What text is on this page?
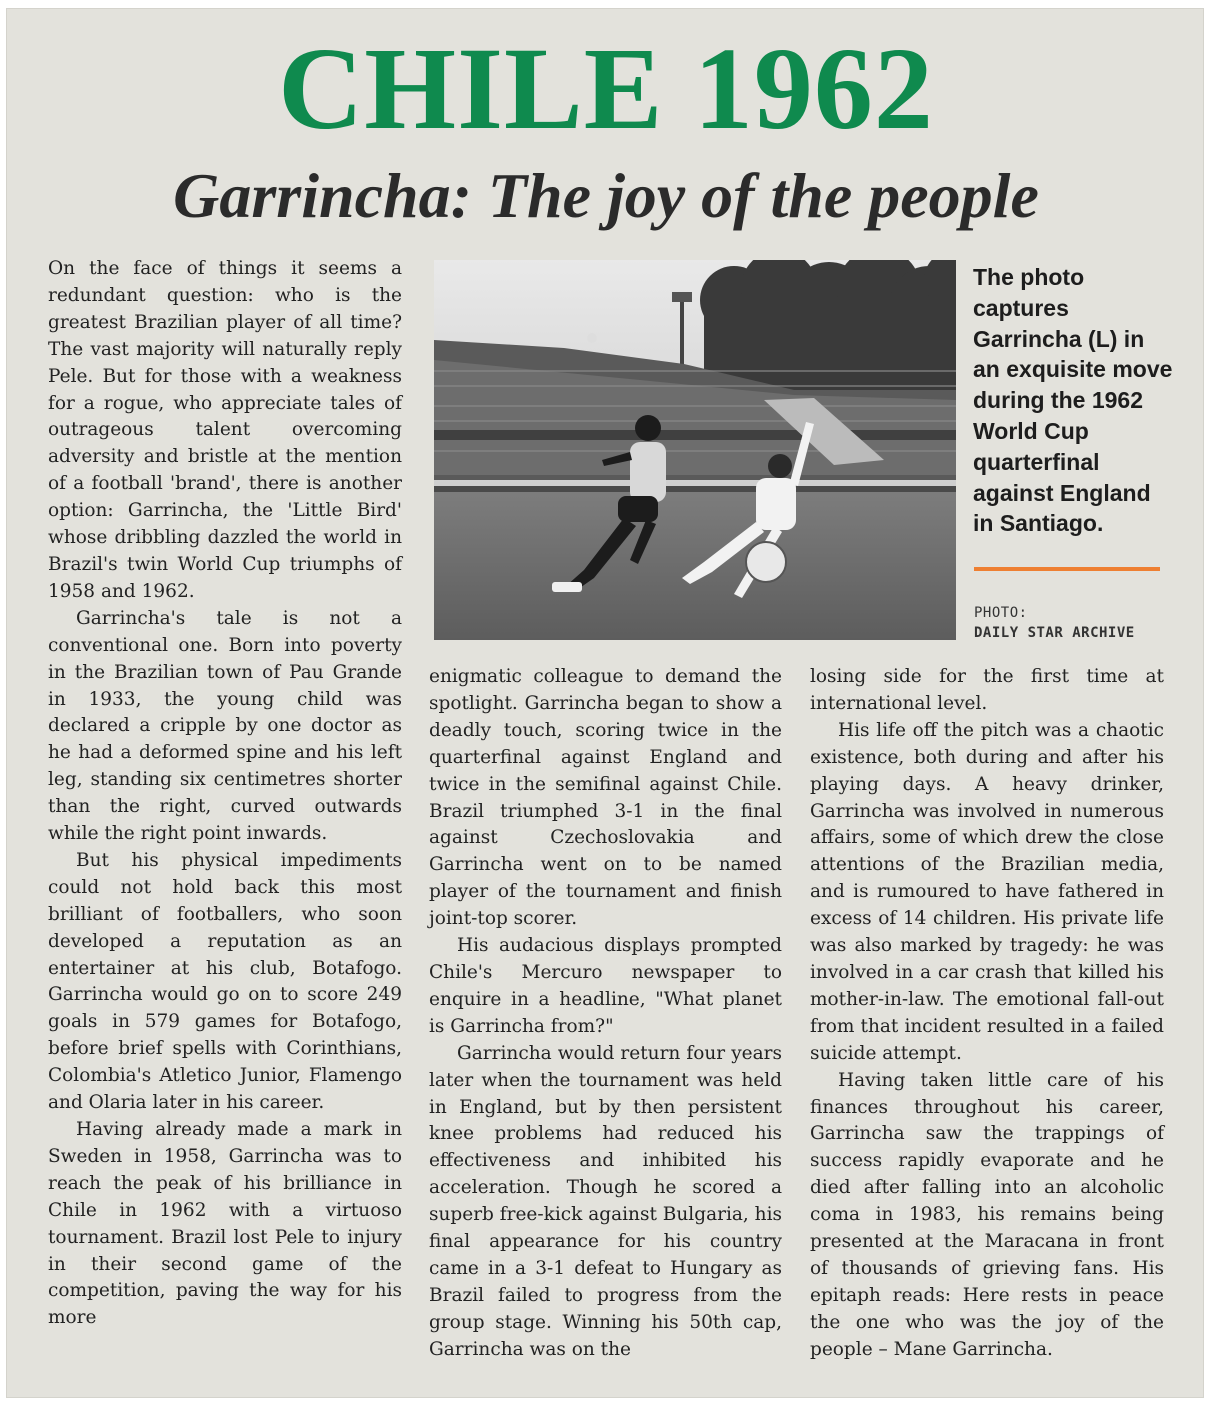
CHILE 1962
Garrincha: The joy of the people

On the face of things it seems a redundant question: who is the greatest Brazilian player of all time? The vast majority will naturally reply Pele. But for those with a weakness for a rogue, who appreciate tales of outrageous talent overcoming adversity and bristle at the mention of a football 'brand', there is another option: Garrincha, the 'Little Bird' whose dribbling dazzled the world in Brazil's twin World Cup triumphs of 1958 and 1962.

Garrincha's tale is not a conventional one. Born into poverty in the Brazilian town of Pau Grande in 1933, the young child was declared a cripple by one doctor as he had a deformed spine and his left leg, standing six centimetres shorter than the right, curved outwards while the right point inwards.

But his physical impediments could not hold back this most brilliant of footballers, who soon developed a reputation as an entertainer at his club, Botafogo. Garrincha would go on to score 249 goals in 579 games for Botafogo, before brief spells with Corinthians, Colombia's Atletico Junior, Flamengo and Olaria later in his career.

Having already made a mark in Sweden in 1958, Garrincha was to reach the peak of his brilliance in Chile in 1962 with a virtuoso tournament. Brazil lost Pele to injury in their second game of the competition, paving the way for his more

The photo captures Garrincha (L) in an exquisite move during the 1962 World Cup quarterfinal against England in Santiago.

PHOTO:

DAILY STAR ARCHIVE

enigmatic colleague to demand the spotlight. Garrincha began to show a deadly touch, scoring twice in the quarterfinal against England and twice in the semifinal against Chile. Brazil triumphed 3-1 in the final against Czechoslovakia and Garrincha went on to be named player of the tournament and finish joint-top scorer.

His audacious displays prompted Chile's Mercuro newspaper to enquire in a headline, "What planet is Garrincha from?"

Garrincha would return four years later when the tournament was held in England, but by then persistent knee problems had reduced his effectiveness and inhibited his acceleration. Though he scored a superb free-kick against Bulgaria, his final appearance for his country came in a 3-1 defeat to Hungary as Brazil failed to progress from the group stage. Winning his 50th cap, Garrincha was on the

losing side for the first time at international level.

His life off the pitch was a chaotic existence, both during and after his playing days. A heavy drinker, Garrincha was involved in numerous affairs, some of which drew the close attentions of the Brazilian media, and is rumoured to have fathered in excess of 14 children. His private life was also marked by tragedy: he was involved in a car crash that killed his mother-in-law. The emotional fall-out from that incident resulted in a failed suicide attempt.

Having taken little care of his finances throughout his career, Garrincha saw the trappings of success rapidly evaporate and he died after falling into an alcoholic coma in 1983, his remains being presented at the Maracana in front of thousands of grieving fans. His epitaph reads: Here rests in peace the one who was the joy of the people – Mane Garrincha.
